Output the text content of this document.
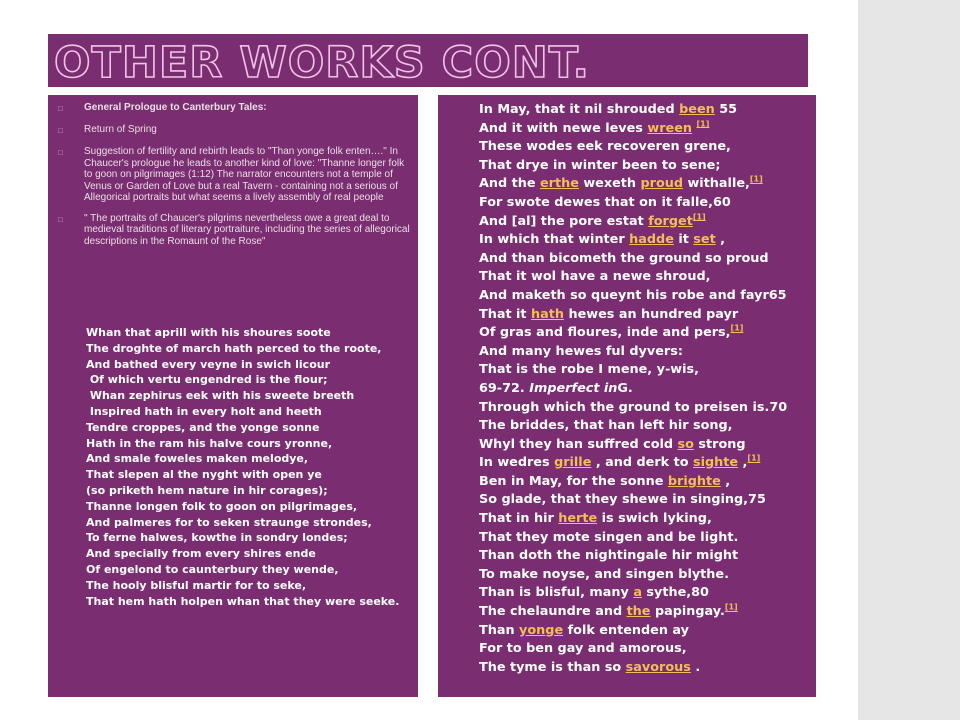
OTHER WORKS CONT.
□	General Prologue to Canterbury Tales:
□	Return of Spring
□	Suggestion of fertility and rebirth leads to "Than yonge folk enten…." In Chaucer's prologue he leads to another kind of love: "Thanne longer folk to goon on pilgrimages (1:12) The narrator encounters not a temple of Venus or Garden of Love but a real Tavern - containing not a serious of Allegorical portraits but what seems a lively assembly of real people
□	" The portraits of Chaucer's pilgrims nevertheless owe a great deal to medieval traditions of literary portraiture, including the series of allegorical descriptions in the Romaunt of the Rose"
Whan that aprill with his shoures soote
The droghte of march hath perced to the roote,
And bathed every veyne in swich licour
Of which vertu engendred is the flour;
Whan zephirus eek with his sweete breeth
Inspired hath in every holt and heeth
Tendre croppes, and the yonge sonne
Hath in the ram his halve cours yronne,
And smale foweles maken melodye,
That slepen al the nyght with open ye
(so priketh hem nature in hir corages);
Thanne longen folk to goon on pilgrimages,
And palmeres for to seken straunge strondes,
To ferne halwes, kowthe in sondry londes;
And specially from every shires ende
Of engelond to caunterbury they wende,
The hooly blisful martir for to seke,
That hem hath holpen whan that they were seeke.
In May, that it nil shrouded been 55
And it with newe leves wreen [1]
These wodes eek recoveren grene,
That drye in winter been to sene;
And the erthe wexeth proud withalle,[1]
For swote dewes that on it falle,60
And [al] the pore estat forget[1]
In which that winter hadde it set ,
And than bicometh the ground so proud
That it wol have a newe shroud,
And maketh so queynt his robe and fayr65
That it hath hewes an hundred payr
Of gras and floures, inde and pers,[1]
And many hewes ful dyvers:
That is the robe I mene, y-wis,
69-72. Imperfect inG.
Through which the ground to preisen is.70
The briddes, that han left hir song,
Whyl they han suffred cold so strong
In wedres grille , and derk to sighte ,[1]
Ben in May, for the sonne brighte ,
So glade, that they shewe in singing,75
That in hir herte is swich lyking,
That they mote singen and be light.
Than doth the nightingale hir might
To make noyse, and singen blythe.
Than is blisful, many a sythe,80
The chelaundre and the papingay.[1]
Than yonge folk entenden ay
For to ben gay and amorous,
The tyme is than so savorous .
